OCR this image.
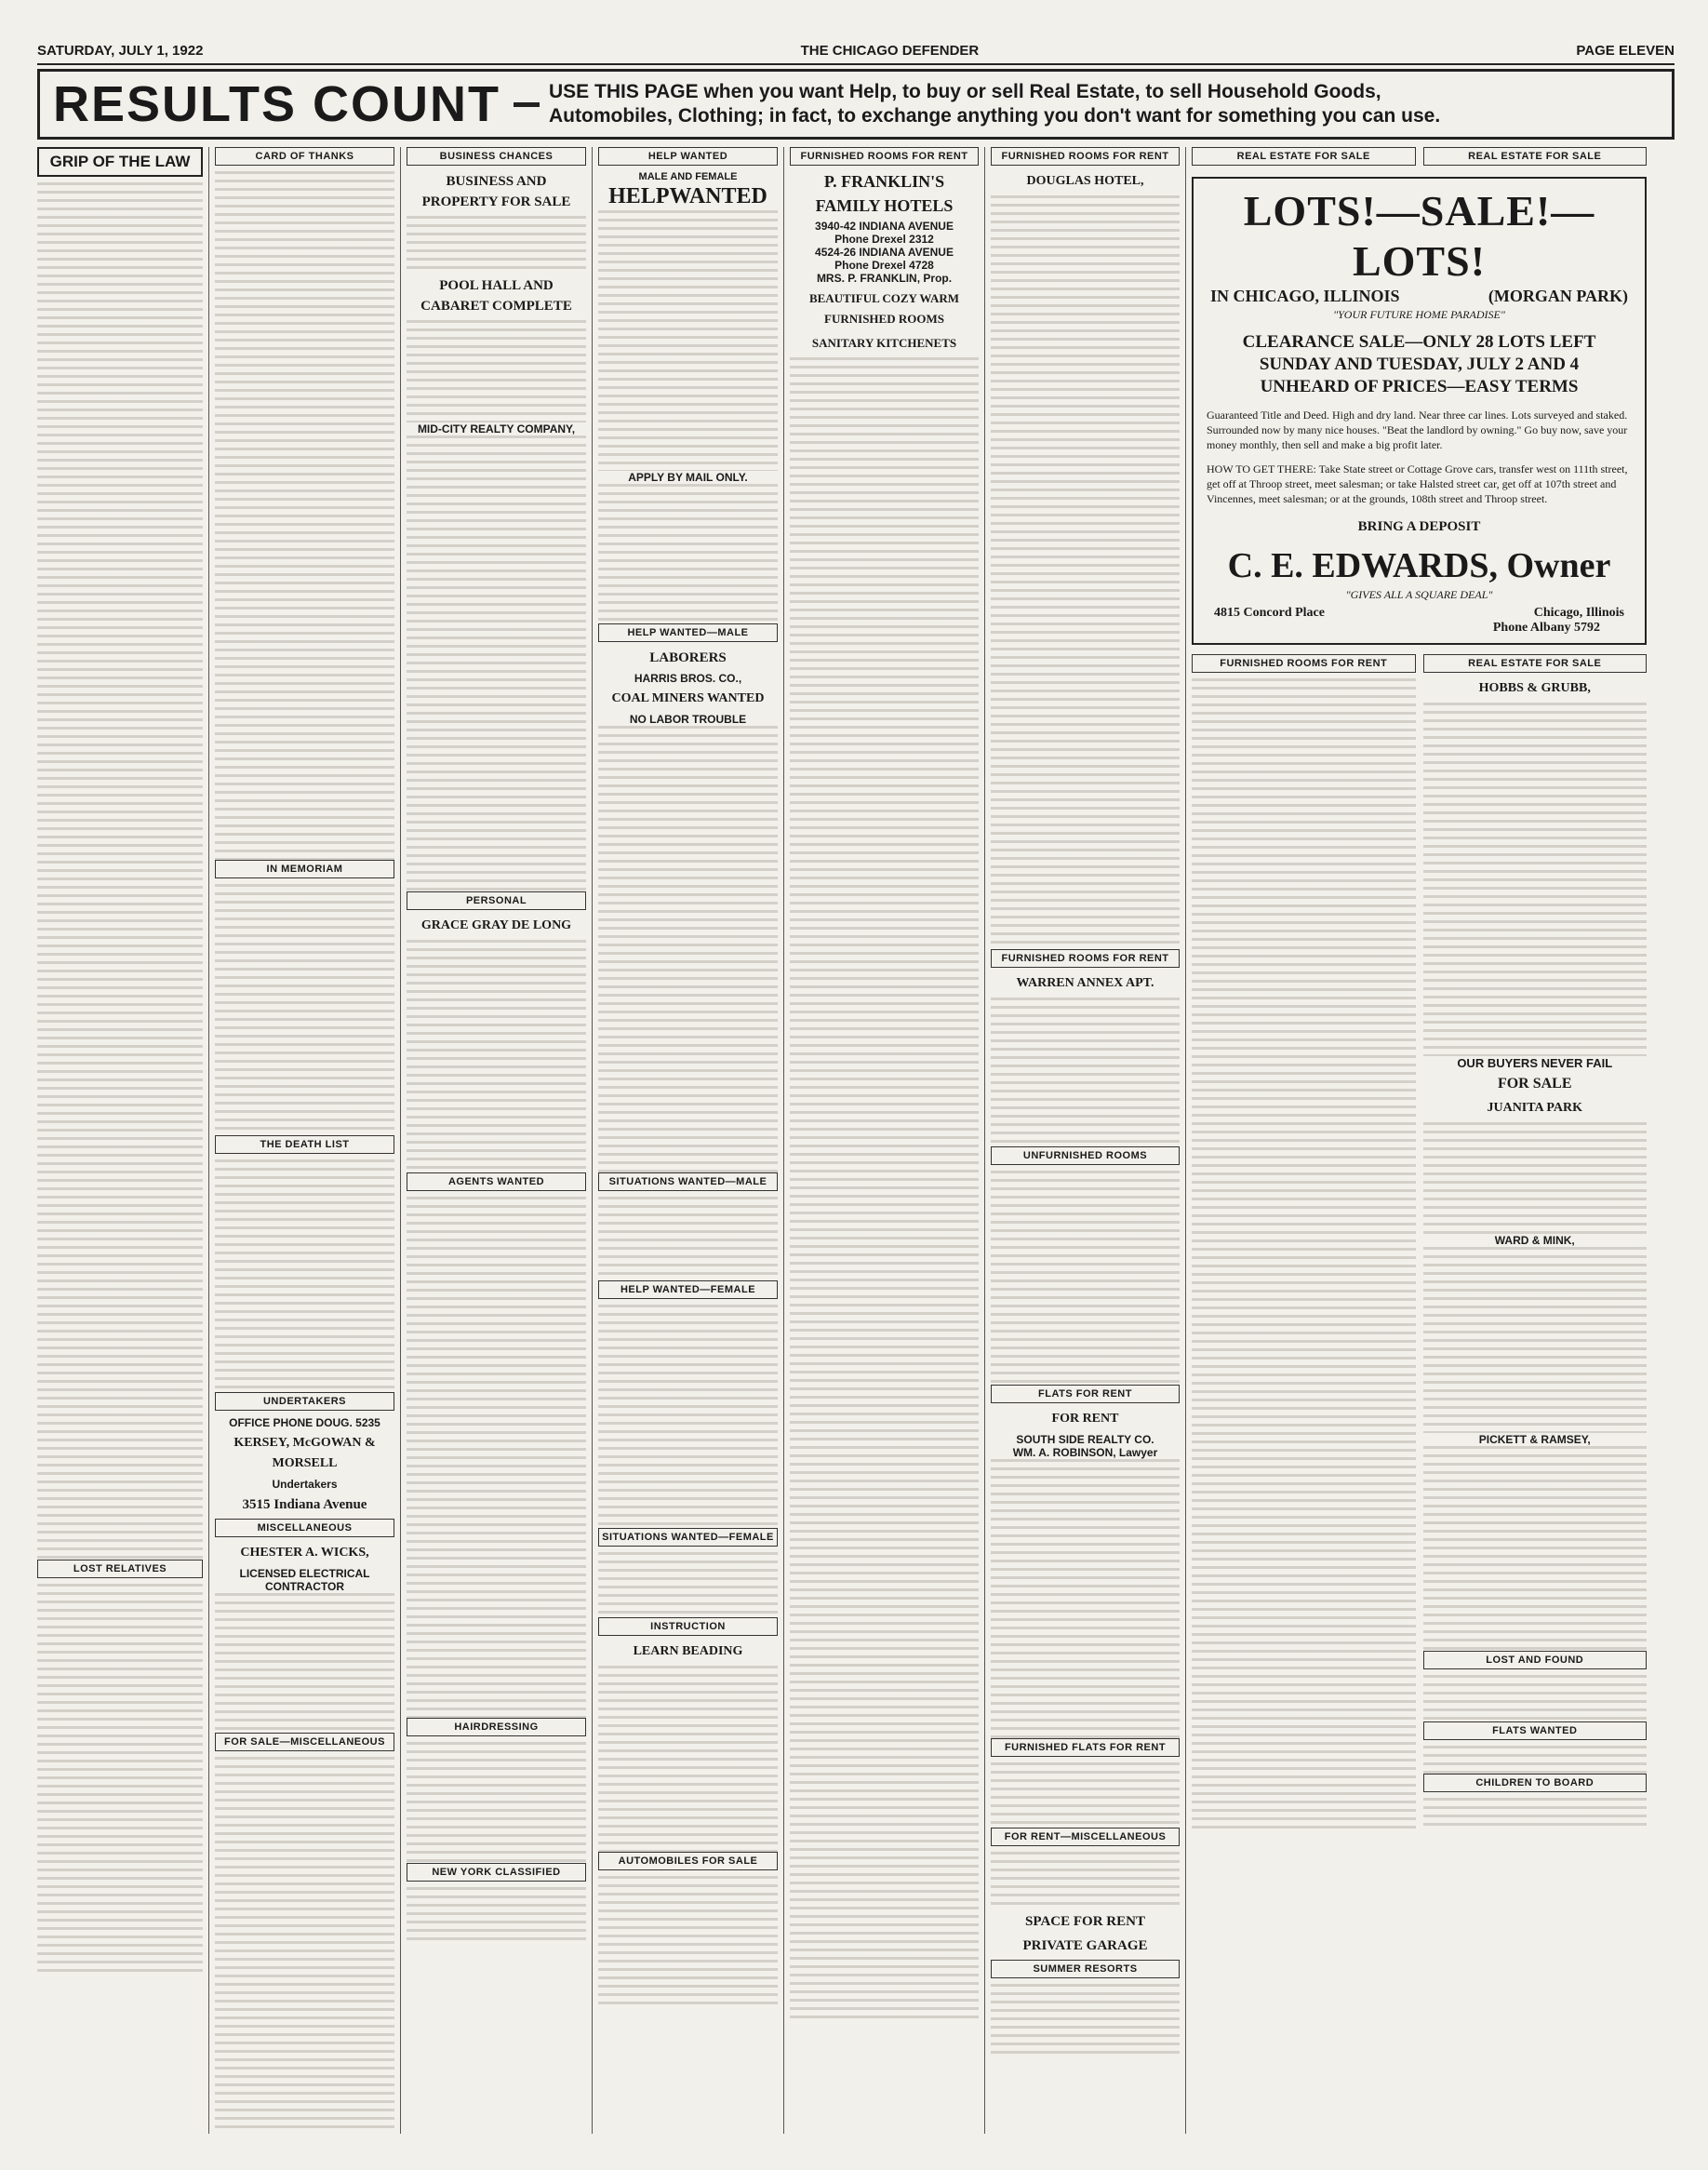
SATURDAY, JULY 1, 1922	THE CHICAGO DEFENDER	PAGE ELEVEN
RESULTS COUNT	USE THIS PAGE when you want Help, to buy or sell Real Estate, to sell Household Goods,
Automobiles, Clothing; in fact, to exchange anything you don't want for something you can use.
GRIP OF THE LAW
LOST RELATIVES
CARD OF THANKS
IN MEMORIAM
THE DEATH LIST
UNDERTAKERS
OFFICE PHONE DOUG. 5235
KERSEY, McGOWAN & MORSELL
Undertakers
3515 Indiana Avenue
MISCELLANEOUS
CHESTER A. WICKS,
LICENSED ELECTRICAL CONTRACTOR
FOR SALE—MISCELLANEOUS
BUSINESS CHANCES
BUSINESS AND PROPERTY FOR SALE
POOL HALL AND CABARET COMPLETE
MID-CITY REALTY COMPANY,
PERSONAL
GRACE GRAY DE LONG
AGENTS WANTED
HAIRDRESSING
NEW YORK CLASSIFIED
HELP WANTED
MALE AND FEMALE
HELPWANTED
APPLY BY MAIL ONLY.
HELP WANTED—MALE
LABORERS
HARRIS BROS. CO.,
COAL MINERS WANTED
NO LABOR TROUBLE
SITUATIONS WANTED—MALE
HELP WANTED—FEMALE
SITUATIONS WANTED—FEMALE
INSTRUCTION
LEARN BEADING
AUTOMOBILES FOR SALE
FURNISHED ROOMS FOR RENT
P. FRANKLIN'S
FAMILY HOTELS
3940-42 INDIANA AVENUE
Phone Drexel 2312
4524-26 INDIANA AVENUE
Phone Drexel 4728
MRS. P. FRANKLIN, Prop.
BEAUTIFUL COZY WARM FURNISHED ROOMS
SANITARY KITCHENETS
FURNISHED ROOMS FOR RENT
DOUGLAS HOTEL,
FURNISHED ROOMS FOR RENT
WARREN ANNEX APT.
UNFURNISHED ROOMS
FLATS FOR RENT
FOR RENT
SOUTH SIDE REALTY CO.
WM. A. ROBINSON, Lawyer
FURNISHED FLATS FOR RENT
FOR RENT—MISCELLANEOUS
SPACE FOR RENT
PRIVATE GARAGE
SUMMER RESORTS
REAL ESTATE FOR SALE	REAL ESTATE FOR SALE
LOTS!—SALE!—LOTS!
IN CHICAGO, ILLINOIS	(MORGAN PARK)
"YOUR FUTURE HOME PARADISE"
CLEARANCE SALE—ONLY 28 LOTS LEFT
SUNDAY AND TUESDAY, JULY 2 AND 4
UNHEARD OF PRICES—EASY TERMS
Guaranteed Title and Deed. High and dry land. Near three car lines. Lots surveyed and staked. Surrounded now by many nice houses. "Beat the landlord by owning." Go buy now, save your money monthly, then sell and make a big profit later.
HOW TO GET THERE: Take State street or Cottage Grove cars, transfer west on 111th street, get off at Throop street, meet salesman; or take Halsted street car, get off at 107th street and Vincennes, meet salesman; or at the grounds, 108th street and Throop street.
BRING A DEPOSIT
C. E. EDWARDS, Owner
"GIVES ALL A SQUARE DEAL"
4815 Concord Place	Chicago, Illinois
Phone Albany 5792
FURNISHED ROOMS FOR RENT	REAL ESTATE FOR SALE
HOBBS & GRUBB,
OUR BUYERS NEVER FAIL
FOR SALE
JUANITA PARK
WARD & MINK,
PICKETT & RAMSEY,
LOST AND FOUND
FLATS WANTED
CHILDREN TO BOARD
